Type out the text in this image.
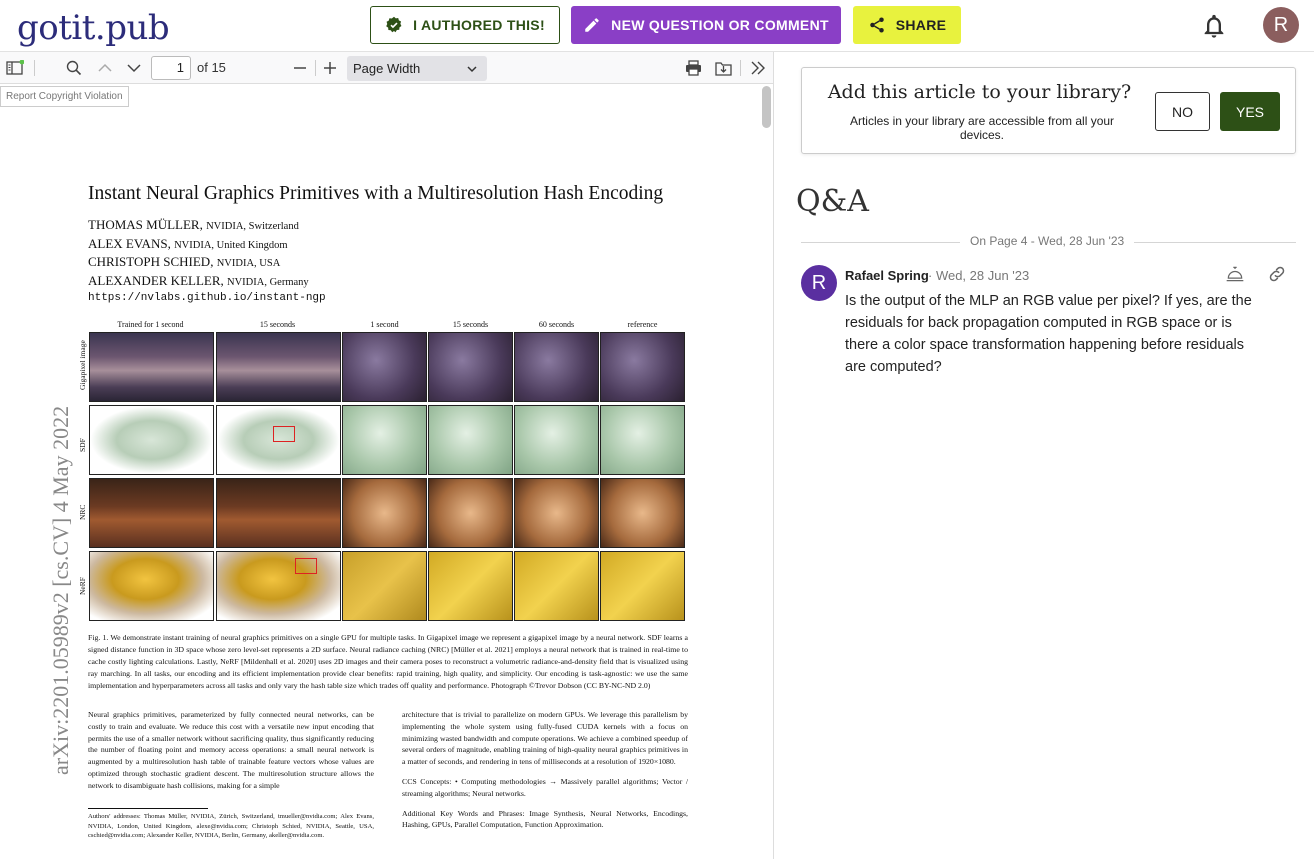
gotit.pub	I AUTHORED THIS!	NEW QUESTION OR COMMENT	SHARE	R
1	of 15	Page Width
Report Copyright Violation
arXiv:2201.05989v2 [cs.CV] 4 May 2022
Instant Neural Graphics Primitives with a Multiresolution Hash Encoding
THOMAS MÜLLER, NVIDIA, Switzerland
ALEX EVANS, NVIDIA, United Kingdom
CHRISTOPH SCHIED, NVIDIA, USA
ALEXANDER KELLER, NVIDIA, Germany
https://nvlabs.github.io/instant-ngp
Trained for 1 second	15 seconds	1 second	15 seconds	60 seconds	reference
Gigapixel image
SDF
NRC
NeRF
Fig. 1. We demonstrate instant training of neural graphics primitives on a single GPU for multiple tasks. In Gigapixel image we represent a gigapixel image by a neural network. SDF learns a signed distance function in 3D space whose zero level-set represents a 2D surface. Neural radiance caching (NRC) [Müller et al. 2021] employs a neural network that is trained in real-time to cache costly lighting calculations. Lastly, NeRF [Mildenhall et al. 2020] uses 2D images and their camera poses to reconstruct a volumetric radiance-and-density field that is visualized using ray marching. In all tasks, our encoding and its efficient implementation provide clear benefits: rapid training, high quality, and simplicity. Our encoding is task-agnostic: we use the same implementation and hyperparameters across all tasks and only vary the hash table size which trades off quality and performance. Photograph ©Trevor Dobson (CC BY-NC-ND 2.0)
Neural graphics primitives, parameterized by fully connected neural networks, can be costly to train and evaluate. We reduce this cost with a versatile new input encoding that permits the use of a smaller network without sacrificing quality, thus significantly reducing the number of floating point and memory access operations: a small neural network is augmented by a multiresolution hash table of trainable feature vectors whose values are optimized through stochastic gradient descent. The multiresolution structure allows the network to disambiguate hash collisions, making for a simple
architecture that is trivial to parallelize on modern GPUs. We leverage this parallelism by implementing the whole system using fully-fused CUDA kernels with a focus on minimizing wasted bandwidth and compute operations. We achieve a combined speedup of several orders of magnitude, enabling training of high-quality neural graphics primitives in a matter of seconds, and rendering in tens of milliseconds at a resolution of 1920×1080.
CCS Concepts: • Computing methodologies → Massively parallel algorithms; Vector / streaming algorithms; Neural networks.
Additional Key Words and Phrases: Image Synthesis, Neural Networks, Encodings, Hashing, GPUs, Parallel Computation, Function Approximation.
Authors' addresses: Thomas Müller, NVIDIA, Zürich, Switzerland, tmueller@nvidia.com; Alex Evans, NVIDIA, London, United Kingdom, alexe@nvidia.com; Christoph Schied, NVIDIA, Seattle, USA, cschied@nvidia.com; Alexander Keller, NVIDIA, Berlin, Germany, akeller@nvidia.com.
Add this article to your library?
Articles in your library are accessible from all your devices.
NO	YES
Q&A
On Page 4 - Wed, 28 Jun '23
R	Rafael Spring · Wed, 28 Jun '23
Is the output of the MLP an RGB value per pixel? If yes, are the residuals for back propagation computed in RGB space or is there a color space transformation happening before residuals are computed?
